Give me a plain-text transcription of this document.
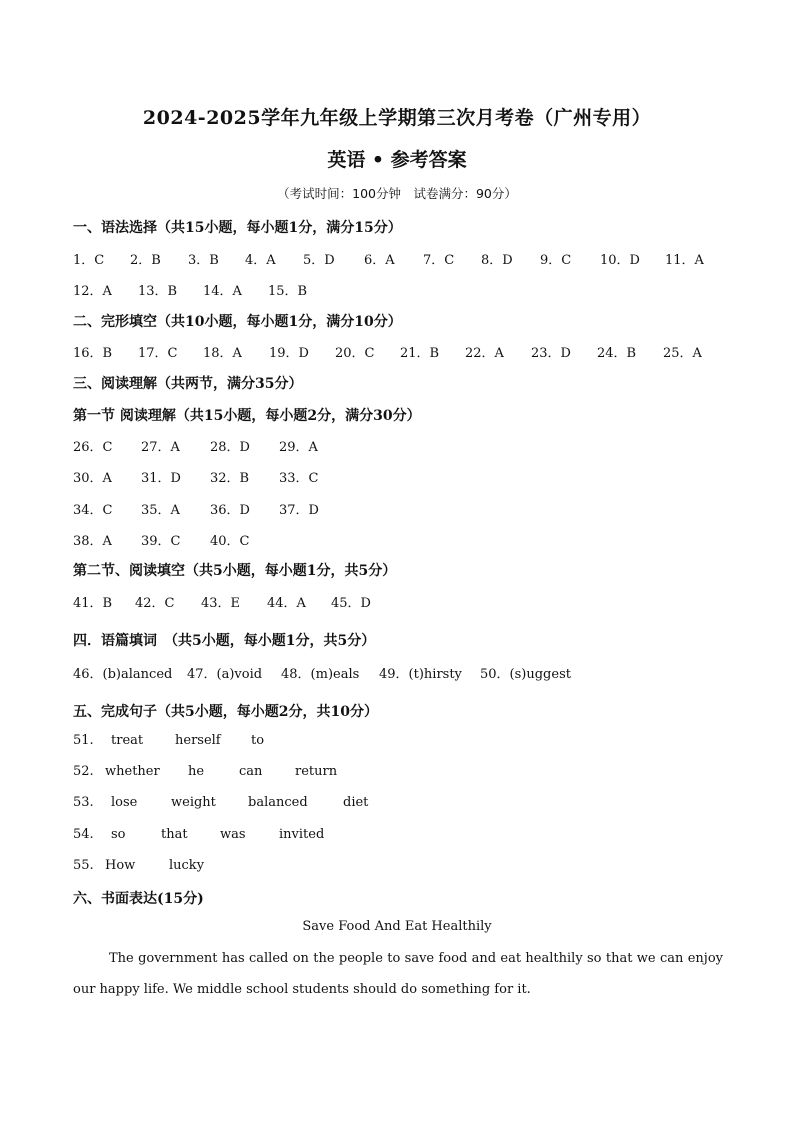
2024-2025学年九年级上学期第三次月考卷（广州专用）
英语 • 参考答案
（考试时间：100分钟　试卷满分：90分）
一、语法选择（共15小题，每小题1分，满分15分）
1．C 2．B 3．B 4．A 5．D 6．A 7．C 8．D 9．C 10．D 11．A
12．A 13．B 14．A 15．B
二、完形填空（共10小题，每小题1分，满分10分）
16．B 17．C 18．A 19．D 20．C 21．B 22．A 23．D 24．B 25．A
三、阅读理解（共两节，满分35分）
第一节 阅读理解（共15小题，每小题2分，满分30分）
26．C 27．A 28．D 29．A
30．A 31．D 32．B 33．C
34．C 35．A 36．D 37．D
38．A 39．C 40．C
第二节、阅读填空（共5小题，每小题1分，共5分）
41．B 42．C 43．E 44．A 45．D
四．语篇填词　（共5小题，每小题1分，共5分）
46．(b)alanced 47．(a)void 48．(m)eals 49．(t)hirsty 50．(s)uggest
五、完成句子（共5小题，每小题2分，共10分）
51. treat herself to
52. whether he	can	return
53. lose	weight balanced	diet
54. so	that was	invited
55. How	lucky
六、书面表达(15分)
Save Food And Eat Healthily
The government has called on the people to save food and eat healthily so that we can enjoy our happy life. We middle school students should do something for it.
